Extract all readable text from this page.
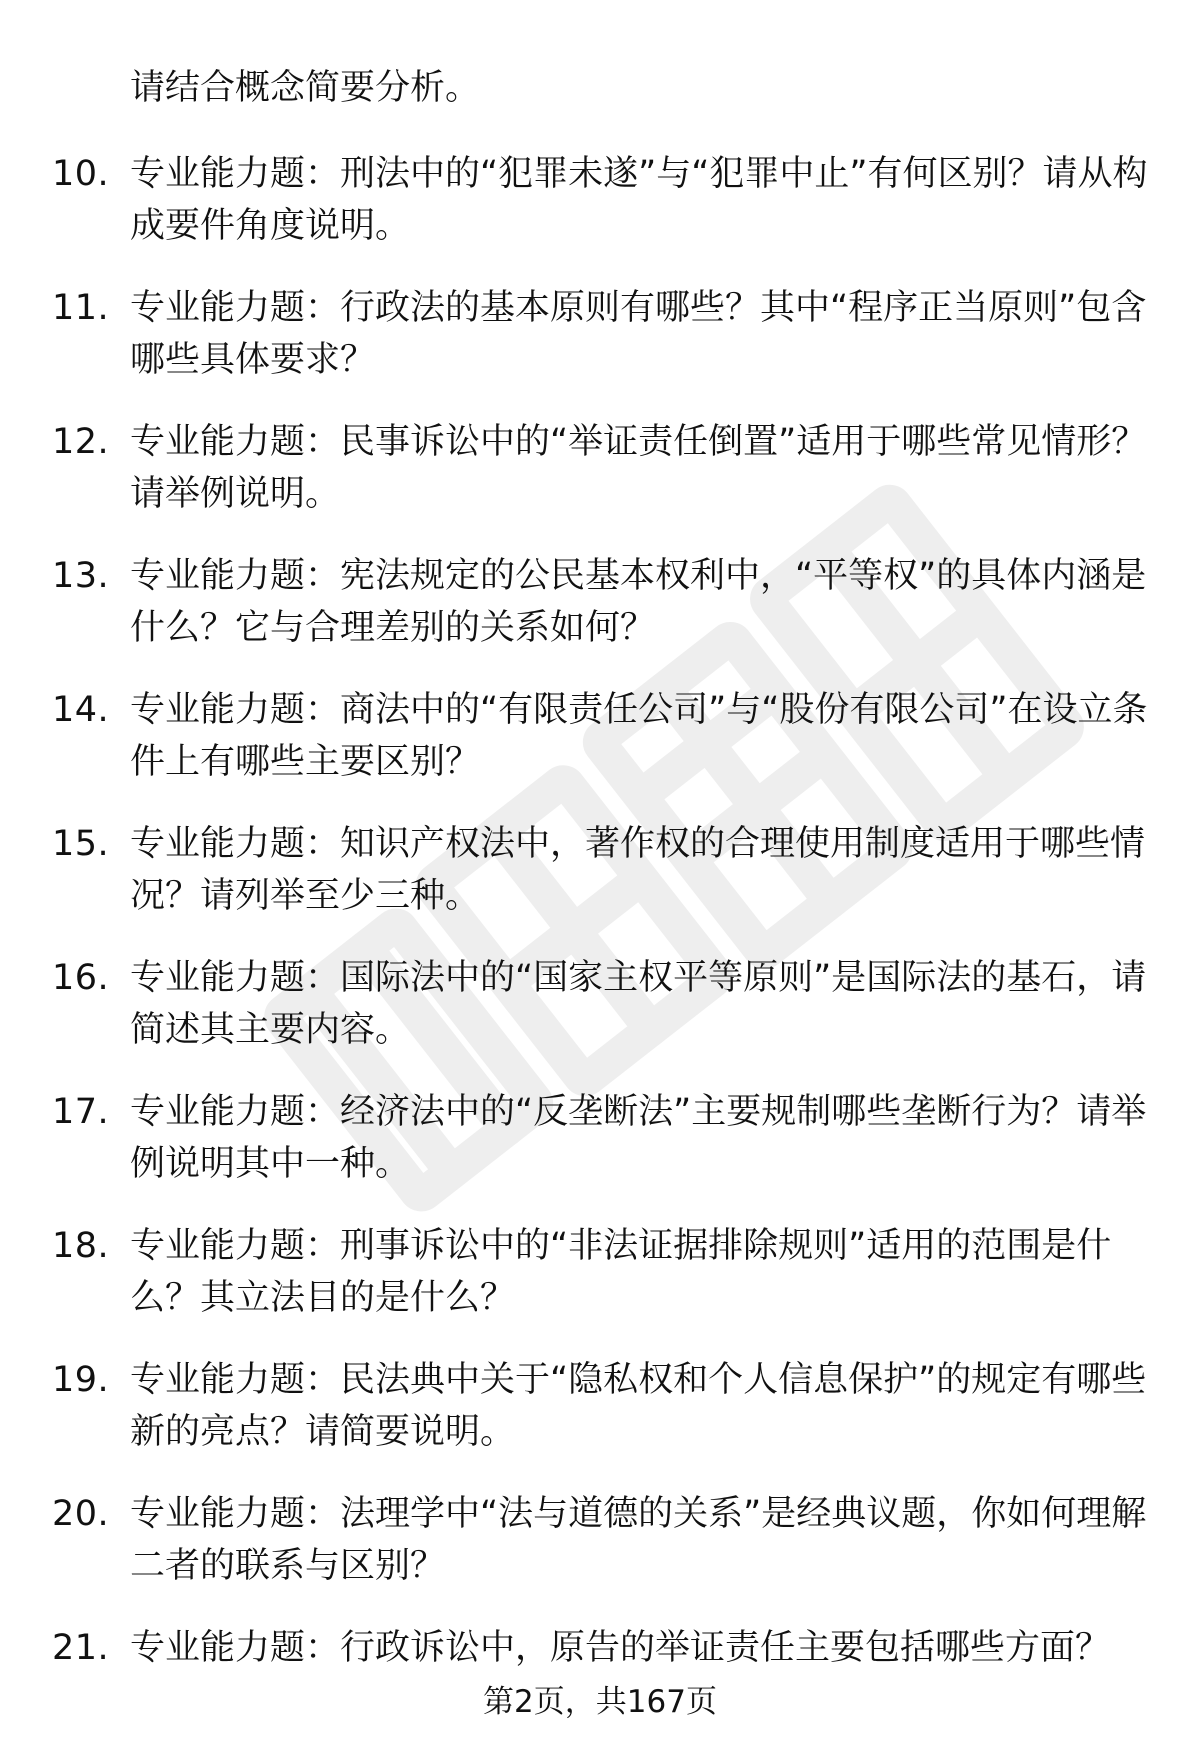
请结合概念简要分析。

10. 专业能力题：刑法中的“犯罪未遂”与“犯罪中止”有何区别？请从构成要件角度说明。
11. 专业能力题：行政法的基本原则有哪些？其中“程序正当原则”包含哪些具体要求？
12. 专业能力题：民事诉讼中的“举证责任倒置”适用于哪些常见情形？请举例说明。
13. 专业能力题：宪法规定的公民基本权利中，“平等权”的具体内涵是什么？它与合理差别的关系如何？
14. 专业能力题：商法中的“有限责任公司”与“股份有限公司”在设立条件上有哪些主要区别？
15. 专业能力题：知识产权法中，著作权的合理使用制度适用于哪些情况？请列举至少三种。
16. 专业能力题：国际法中的“国家主权平等原则”是国际法的基石，请简述其主要内容。
17. 专业能力题：经济法中的“反垄断法”主要规制哪些垄断行为？请举例说明其中一种。
18. 专业能力题：刑事诉讼中的“非法证据排除规则”适用的范围是什么？其立法目的是什么？
19. 专业能力题：民法典中关于“隐私权和个人信息保护”的规定有哪些新的亮点？请简要说明。
20. 专业能力题：法理学中“法与道德的关系”是经典议题，你如何理解二者的联系与区别？
21. 专业能力题：行政诉讼中，原告的举证责任主要包括哪些方面？
第2页，共167页
